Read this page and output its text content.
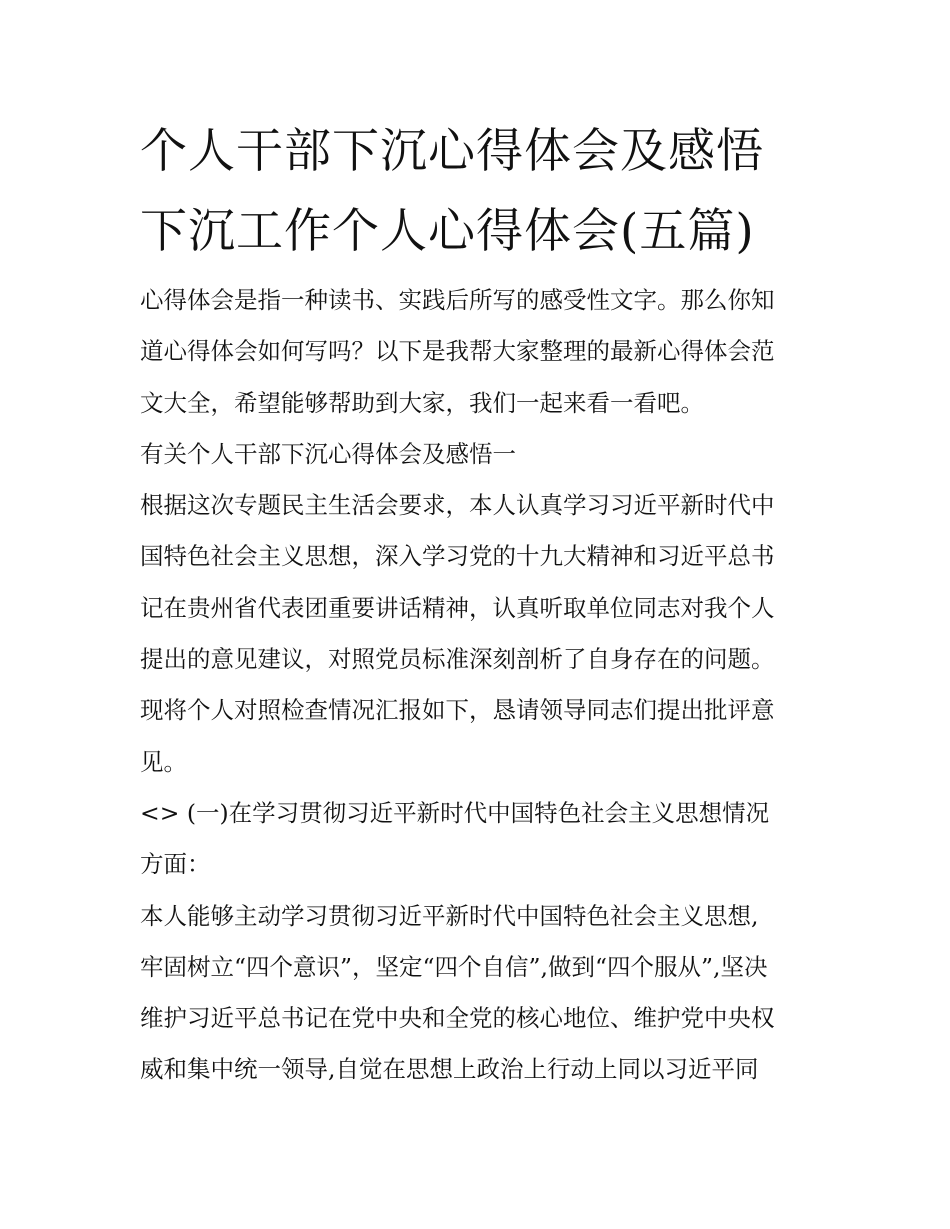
个人干部下沉心得体会及感悟
下沉工作个人心得体会(五篇)
心得体会是指一种读书、实践后所写的感受性文字。那么你知
道心得体会如何写吗？以下是我帮大家整理的最新心得体会范
文大全，希望能够帮助到大家，我们一起来看一看吧。
有关个人干部下沉心得体会及感悟一
根据这次专题民主生活会要求，本人认真学习习近平新时代中
国特色社会主义思想，深入学习党的十九大精神和习近平总书
记在贵州省代表团重要讲话精神，认真听取单位同志对我个人
提出的意见建议，对照党员标准深刻剖析了自身存在的问题。
现将个人对照检查情况汇报如下，恳请领导同志们提出批评意
见。
<> (一)在学习贯彻习近平新时代中国特色社会主义思想情况
方面：
本人能够主动学习贯彻习近平新时代中国特色社会主义思想,
牢固树立“四个意识”，坚定“四个自信”,做到“四个服从”,坚决
维护习近平总书记在党中央和全党的核心地位、维护党中央权
威和集中统一领导,自觉在思想上政治上行动上同以习近平同
